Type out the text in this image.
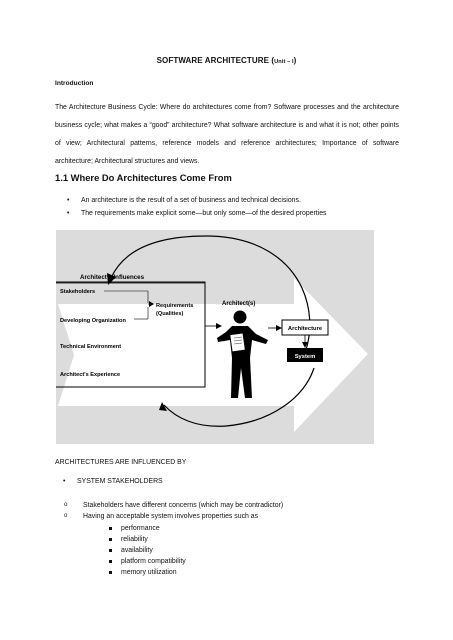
SOFTWARE ARCHITECTURE (Unit – I)
Introduction
The Architecture Business Cycle: Where do architectures come from? Software processes and the architecture business cycle; what makes a “good” architecture? What software architecture is and what it is not; other points of view; Architectural patterns, reference models and reference architectures; Importance of software architecture; Architectural structures and views.
1.1 Where Do Architectures Come From
• An architecture is the result of a set of business and technical decisions.
• The requirements make explicit some—but only some—of the desired properties
Architect's Influences
Stakeholders
Requirements
(Qualities)
Developing Organization
Technical Environment
Architect's Experience
Architect(s)
Architecture
System
ARCHITECTURES ARE INFLUENCED BY
• SYSTEM STAKEHOLDERS
o Stakeholders have different concerns (which may be contradictor)
o Having an acceptable system involves properties such as
performance
reliability
availability
platform compatibility
memory utilization
